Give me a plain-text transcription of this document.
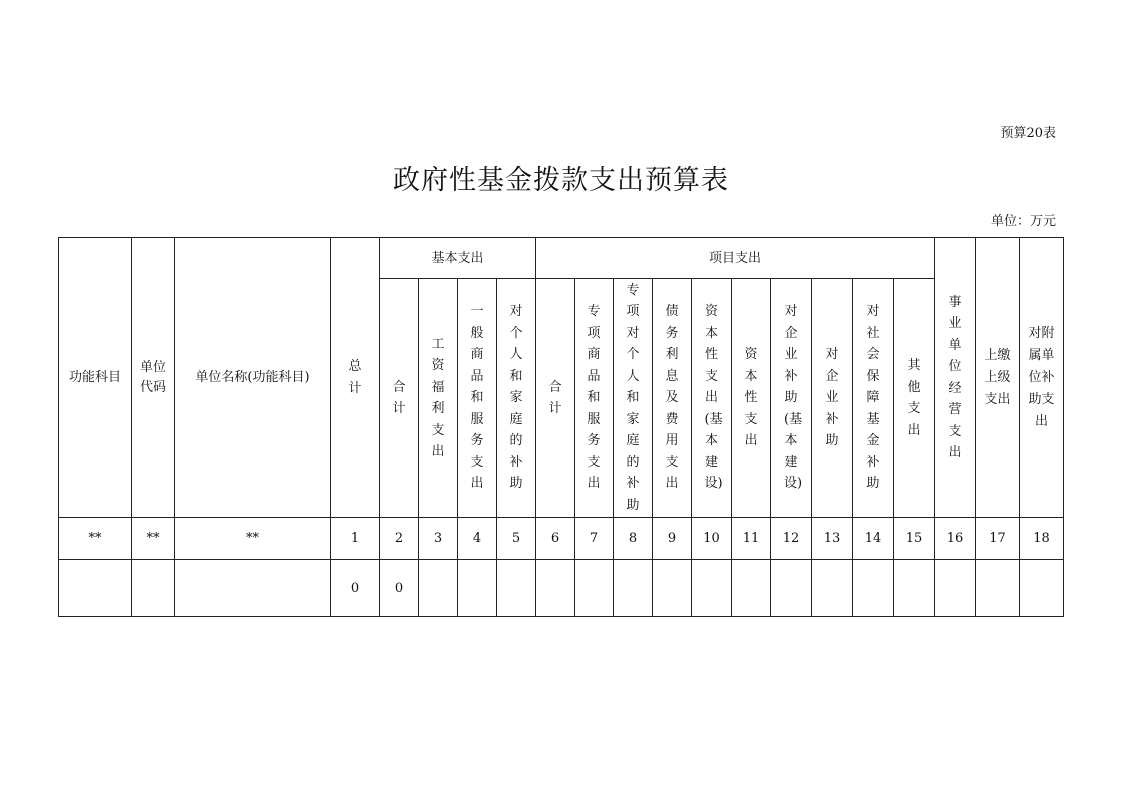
预算20表
政府性基金拨款支出预算表
单位：万元
功能科目	单位代码	单位名称(功能科目)	总计	基本支出				项目支出										事业单位经营支出	上缴上级支出	对附属单位补助支出
				合计	工资福利支出	一般商品和服务支出	对个人和家庭的补助	合计	专项商品和服务支出	专项对个人和家庭的补助	债务利息及费用支出	资本性支出(基本建设)	资本性支出	对企业补助(基本建设)	对企业补助	对社会保障基金补助	其他支出			
**	**	**	1	2	3	4	5	6	7	8	9	10	11	12	13	14	15	16	17	18
			0	0																
